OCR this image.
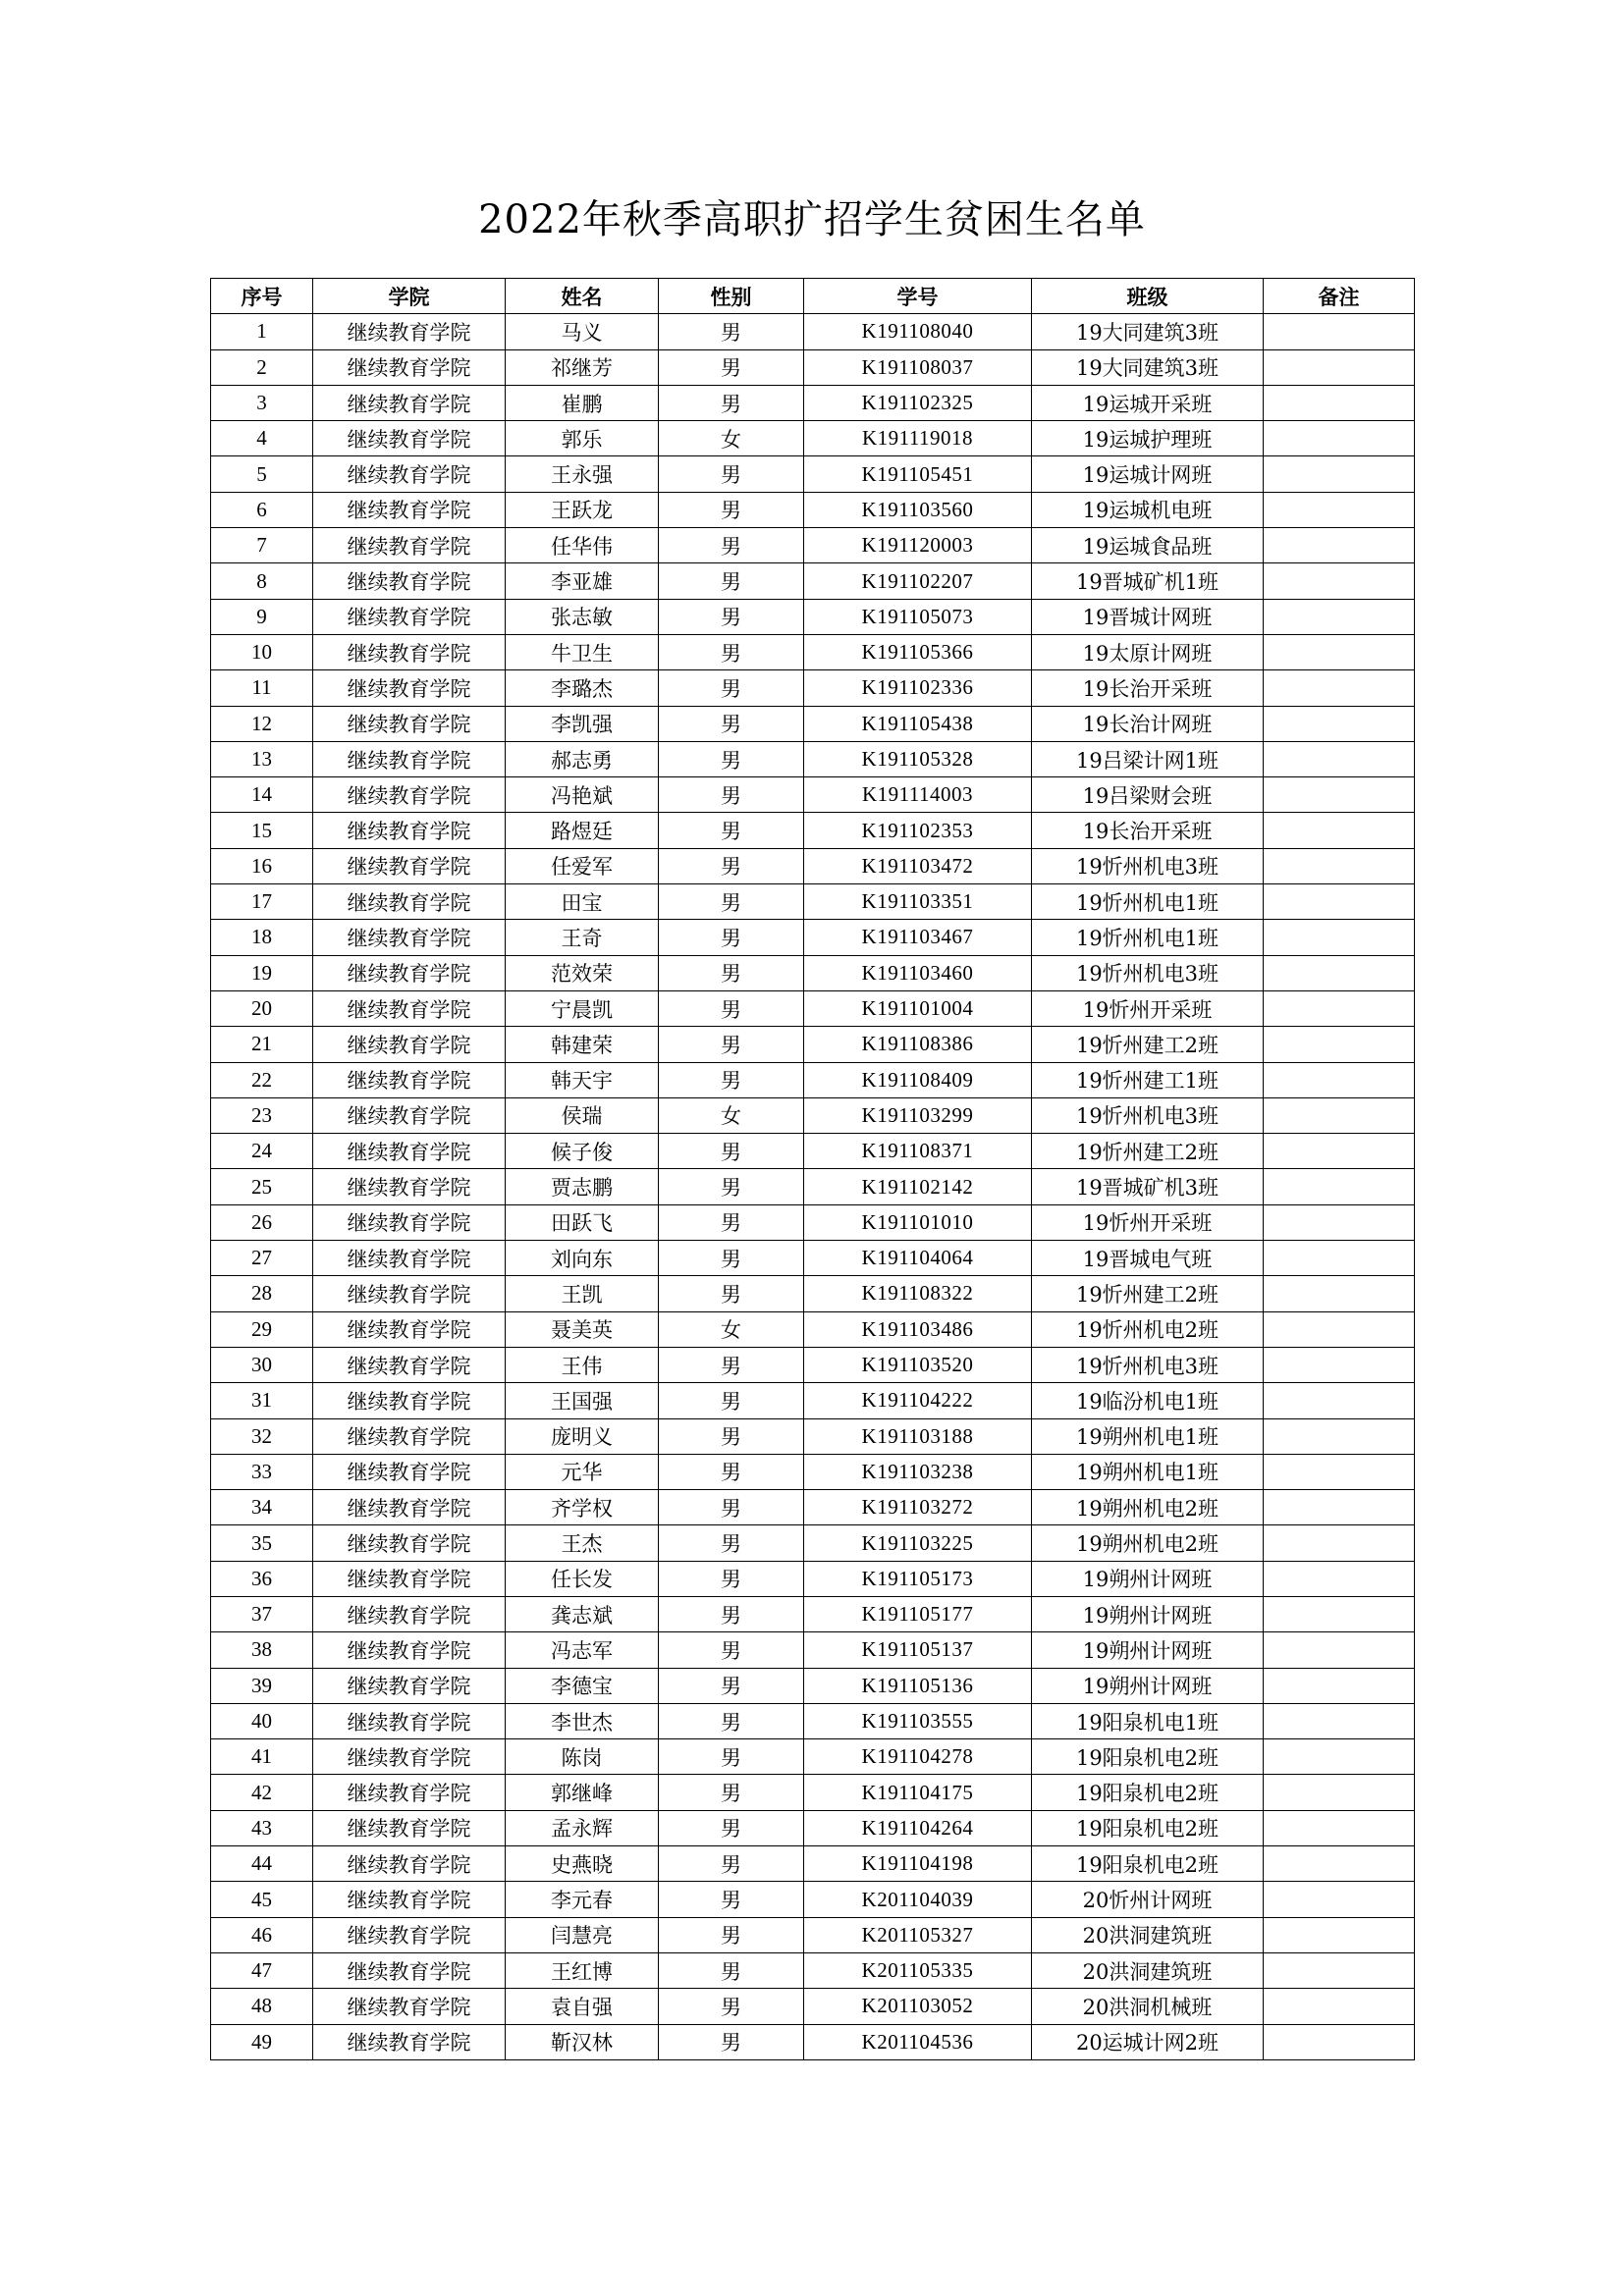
2022年秋季高职扩招学生贫困生名单
序号	学院	姓名	性别	学号	班级	备注
1	继续教育学院	马义	男	K191108040	19大同建筑3班	
2	继续教育学院	祁继芳	男	K191108037	19大同建筑3班	
3	继续教育学院	崔鹏	男	K191102325	19运城开采班	
4	继续教育学院	郭乐	女	K191119018	19运城护理班	
5	继续教育学院	王永强	男	K191105451	19运城计网班	
6	继续教育学院	王跃龙	男	K191103560	19运城机电班	
7	继续教育学院	任华伟	男	K191120003	19运城食品班	
8	继续教育学院	李亚雄	男	K191102207	19晋城矿机1班	
9	继续教育学院	张志敏	男	K191105073	19晋城计网班	
10	继续教育学院	牛卫生	男	K191105366	19太原计网班	
11	继续教育学院	李璐杰	男	K191102336	19长治开采班	
12	继续教育学院	李凯强	男	K191105438	19长治计网班	
13	继续教育学院	郝志勇	男	K191105328	19吕梁计网1班	
14	继续教育学院	冯艳斌	男	K191114003	19吕梁财会班	
15	继续教育学院	路煜廷	男	K191102353	19长治开采班	
16	继续教育学院	任爱军	男	K191103472	19忻州机电3班	
17	继续教育学院	田宝	男	K191103351	19忻州机电1班	
18	继续教育学院	王奇	男	K191103467	19忻州机电1班	
19	继续教育学院	范效荣	男	K191103460	19忻州机电3班	
20	继续教育学院	宁晨凯	男	K191101004	19忻州开采班	
21	继续教育学院	韩建荣	男	K191108386	19忻州建工2班	
22	继续教育学院	韩天宇	男	K191108409	19忻州建工1班	
23	继续教育学院	侯瑞	女	K191103299	19忻州机电3班	
24	继续教育学院	候子俊	男	K191108371	19忻州建工2班	
25	继续教育学院	贾志鹏	男	K191102142	19晋城矿机3班	
26	继续教育学院	田跃飞	男	K191101010	19忻州开采班	
27	继续教育学院	刘向东	男	K191104064	19晋城电气班	
28	继续教育学院	王凯	男	K191108322	19忻州建工2班	
29	继续教育学院	聂美英	女	K191103486	19忻州机电2班	
30	继续教育学院	王伟	男	K191103520	19忻州机电3班	
31	继续教育学院	王国强	男	K191104222	19临汾机电1班	
32	继续教育学院	庞明义	男	K191103188	19朔州机电1班	
33	继续教育学院	元华	男	K191103238	19朔州机电1班	
34	继续教育学院	齐学权	男	K191103272	19朔州机电2班	
35	继续教育学院	王杰	男	K191103225	19朔州机电2班	
36	继续教育学院	任长发	男	K191105173	19朔州计网班	
37	继续教育学院	龚志斌	男	K191105177	19朔州计网班	
38	继续教育学院	冯志军	男	K191105137	19朔州计网班	
39	继续教育学院	李德宝	男	K191105136	19朔州计网班	
40	继续教育学院	李世杰	男	K191103555	19阳泉机电1班	
41	继续教育学院	陈岗	男	K191104278	19阳泉机电2班	
42	继续教育学院	郭继峰	男	K191104175	19阳泉机电2班	
43	继续教育学院	孟永辉	男	K191104264	19阳泉机电2班	
44	继续教育学院	史燕晓	男	K191104198	19阳泉机电2班	
45	继续教育学院	李元春	男	K201104039	20忻州计网班	
46	继续教育学院	闫慧亮	男	K201105327	20洪洞建筑班	
47	继续教育学院	王红博	男	K201105335	20洪洞建筑班	
48	继续教育学院	袁自强	男	K201103052	20洪洞机械班	
49	继续教育学院	靳汉林	男	K201104536	20运城计网2班	
